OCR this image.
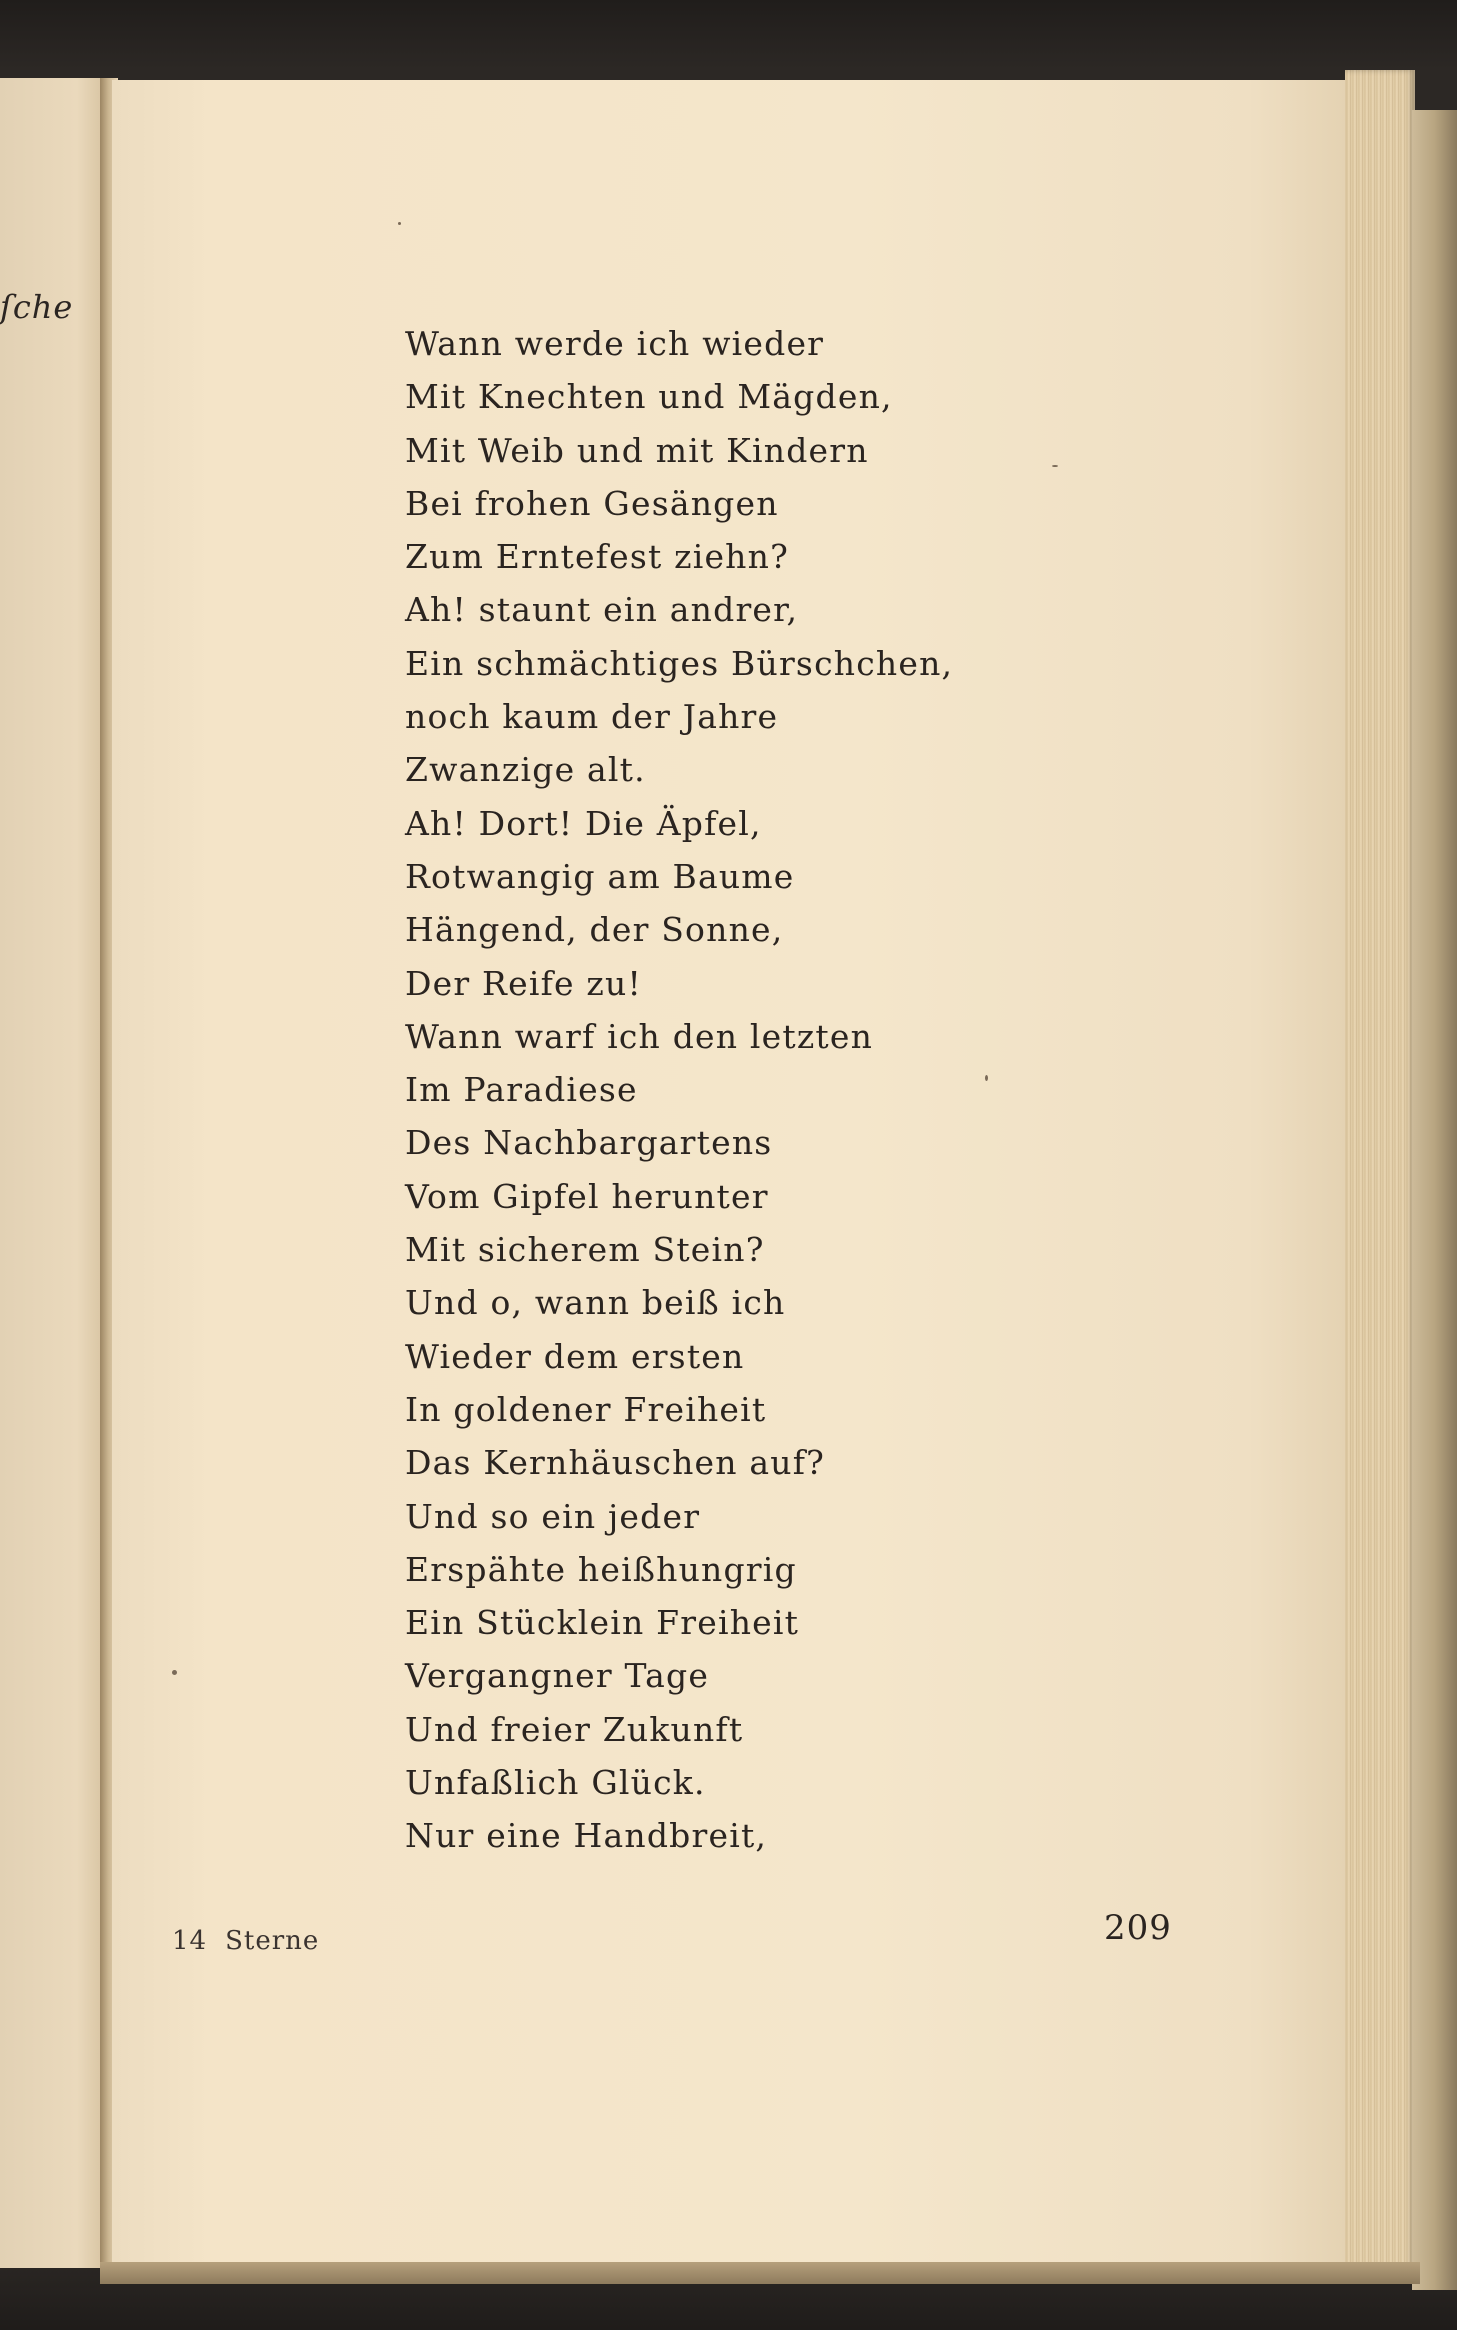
ſche
14 Sterne
Wann werde ich wieder
Mit Knechten und Mägden,
Mit Weib und mit Kindern
Bei frohen Gesängen
Zum Erntefest ziehn?
Ah! staunt ein andrer,
Ein schmächtiges Bürschchen,
noch kaum der Jahre
Zwanzige alt.
Ah! Dort! Die Äpfel,
Rotwangig am Baume
Hängend, der Sonne,
Der Reife zu!
Wann warf ich den letzten
Im Paradiese
Des Nachbargartens
Vom Gipfel herunter
Mit sicherem Stein?
Und o, wann beiß ich
Wieder dem ersten
In goldener Freiheit
Das Kernhäuschen auf?
Und so ein jeder
Erspähte heißhungrig
Ein Stücklein Freiheit
Vergangner Tage
Und freier Zukunft
Unfaßlich Glück.
Nur eine Handbreit,
209
